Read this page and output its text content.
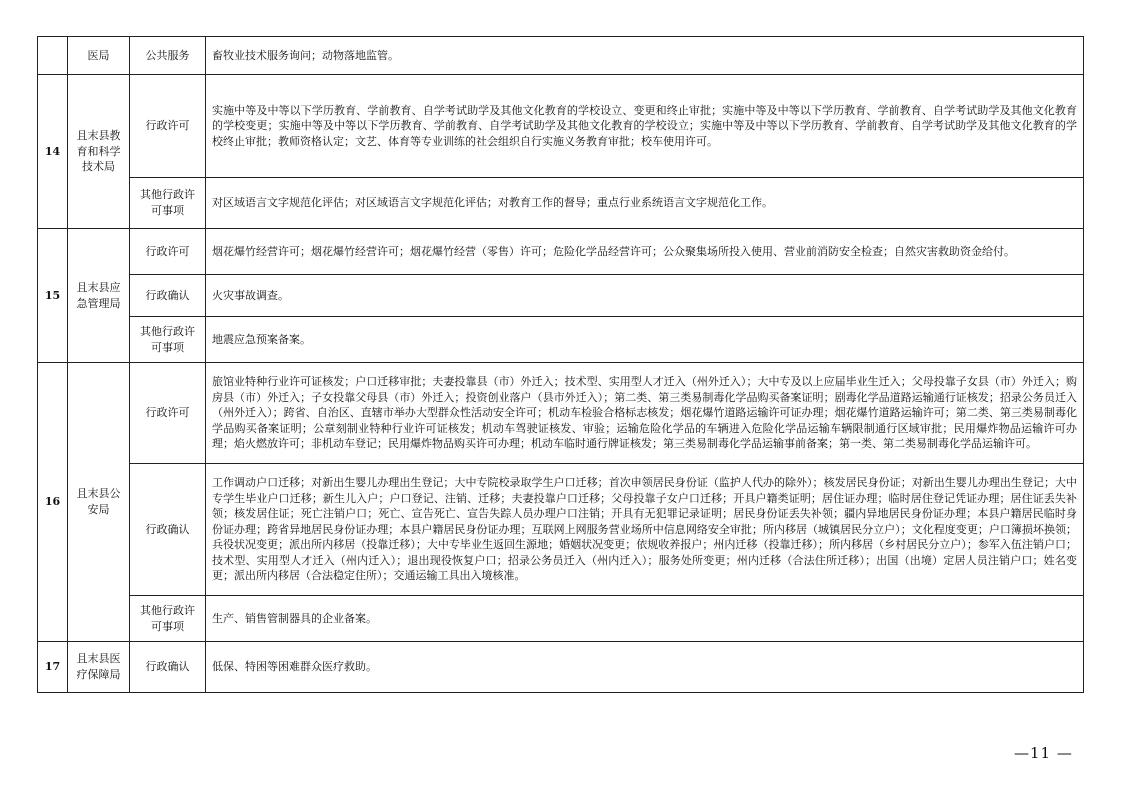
	医局	公共服务	畜牧业技术服务询问；动物落地监管。
14	且末县教育和科学技术局	行政许可	实施中等及中等以下学历教育、学前教育、自学考试助学及其他文化教育的学校设立、变更和终止审批；实施中等及中等以下学历教育、学前教育、自学考试助学及其他文化教育的学校变更；实施中等及中等以下学历教育、学前教育、自学考试助学及其他文化教育的学校设立；实施中等及中等以下学历教育、学前教育、自学考试助学及其他文化教育的学校终止审批；教师资格认定；文艺、体育等专业训练的社会组织自行实施义务教育审批；校车使用许可。
		其他行政许可事项	对区域语言文字规范化评估；对区域语言文字规范化评估；对教育工作的督导；重点行业系统语言文字规范化工作。
15	且末县应急管理局	行政许可	烟花爆竹经营许可；烟花爆竹经营许可；烟花爆竹经营（零售）许可；危险化学品经营许可；公众聚集场所投入使用、营业前消防安全检查；自然灾害救助资金给付。
		行政确认	火灾事故调查。
		其他行政许可事项	地震应急预案备案。
16	且末县公安局	行政许可	旅馆业特种行业许可证核发；户口迁移审批；夫妻投靠县（市）外迁入；技术型、实用型人才迁入（州外迁入）；大中专及以上应届毕业生迁入；父母投靠子女县（市）外迁入；购房县（市）外迁入；子女投靠父母县（市）外迁入；投资创业落户（县市外迁入）；第二类、第三类易制毒化学品购买备案证明；剧毒化学品道路运输通行证核发；招录公务员迁入（州外迁入）；跨省、自治区、直辖市举办大型群众性活动安全许可；机动车检验合格标志核发；烟花爆竹道路运输许可证办理；烟花爆竹道路运输许可；第二类、第三类易制毒化学品购买备案证明；公章刻制业特种行业许可证核发；机动车驾驶证核发、审验；运输危险化学品的车辆进入危险化学品运输车辆限制通行区域审批；民用爆炸物品运输许可办理；焰火燃放许可；非机动车登记；民用爆炸物品购买许可办理；机动车临时通行牌证核发；第三类易制毒化学品运输事前备案；第一类、第二类易制毒化学品运输许可。
		行政确认	工作调动户口迁移；对新出生婴儿办理出生登记；大中专院校录取学生户口迁移；首次申领居民身份证（监护人代办的除外）；核发居民身份证；对新出生婴儿办理出生登记；大中专学生毕业户口迁移；新生儿入户；户口登记、注销、迁移；夫妻投靠户口迁移；父母投靠子女户口迁移；开具户籍类证明；居住证办理；临时居住登记凭证办理；居住证丢失补领；核发居住证；死亡注销户口；死亡、宣告死亡、宣告失踪人员办理户口注销；开具有无犯罪记录证明；居民身份证丢失补领；疆内异地居民身份证办理；本县户籍居民临时身份证办理；跨省异地居民身份证办理；本县户籍居民身份证办理；互联网上网服务营业场所中信息网络安全审批；所内移居（城镇居民分立户）；文化程度变更；户口簿损坏换领；兵役状况变更；派出所内移居（投靠迁移）；大中专毕业生返回生源地；婚姻状况变更；依规收养报户；州内迁移（投靠迁移）；所内移居（乡村居民分立户）；参军入伍注销户口；技术型、实用型人才迁入（州内迁入）；退出现役恢复户口；招录公务员迁入（州内迁入）；服务处所变更；州内迁移（合法住所迁移）；出国（出境）定居人员注销户口；姓名变更；派出所内移居（合法稳定住所）；交通运输工具出入境核准。
		其他行政许可事项	生产、销售管制器具的企业备案。
17	且末县医疗保障局	行政确认	低保、特困等困难群众医疗救助。
—11 —
